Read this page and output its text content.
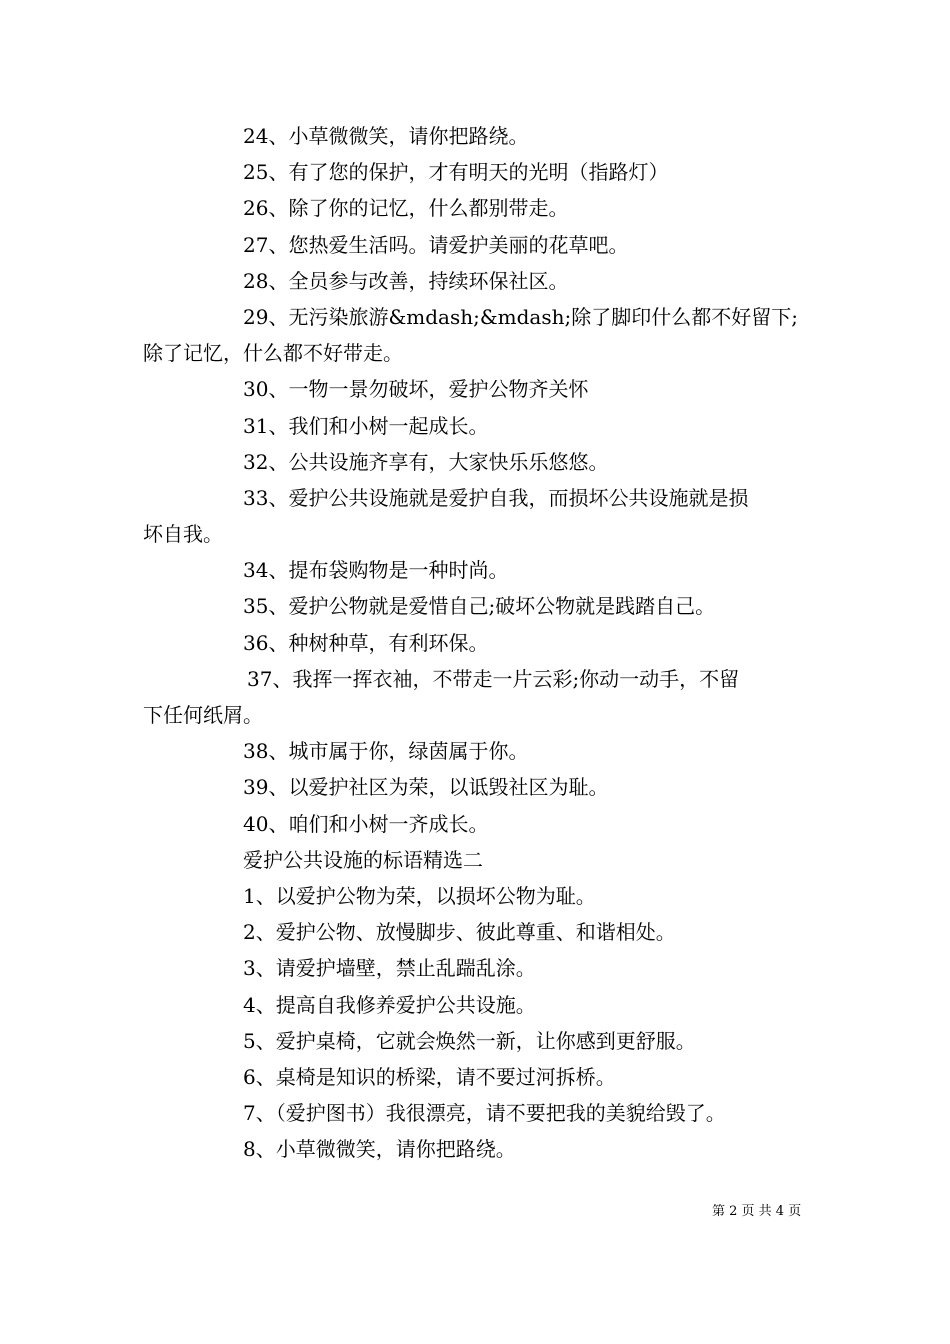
24、小草微微笑，请你把路绕。
25、有了您的保护，才有明天的光明（指路灯）
26、除了你的记忆，什么都别带走。
27、您热爱生活吗。请爱护美丽的花草吧。
28、全员参与改善，持续环保社区。
29、无污染旅游&mdash;&mdash;除了脚印什么都不好留下;
除了记忆，什么都不好带走。
30、一物一景勿破坏，爱护公物齐关怀
31、我们和小树一起成长。
32、公共设施齐享有，大家快乐乐悠悠。
33、爱护公共设施就是爱护自我，而损坏公共设施就是损
坏自我。
34、提布袋购物是一种时尚。
35、爱护公物就是爱惜自己;破坏公物就是践踏自己。
36、种树种草，有利环保。
37、我挥一挥衣袖，不带走一片云彩;你动一动手，不留
下任何纸屑。
38、城市属于你，绿茵属于你。
39、以爱护社区为荣，以诋毁社区为耻。
40、咱们和小树一齐成长。
爱护公共设施的标语精选二
1、以爱护公物为荣，以损坏公物为耻。
2、爱护公物、放慢脚步、彼此尊重、和谐相处。
3、请爱护墙壁，禁止乱踹乱涂。
4、提高自我修养爱护公共设施。
5、爱护桌椅，它就会焕然一新，让你感到更舒服。
6、桌椅是知识的桥梁，请不要过河拆桥。
7、（爱护图书）我很漂亮，请不要把我的美貌给毁了。
8、小草微微笑，请你把路绕。
第 2 页 共 4 页
